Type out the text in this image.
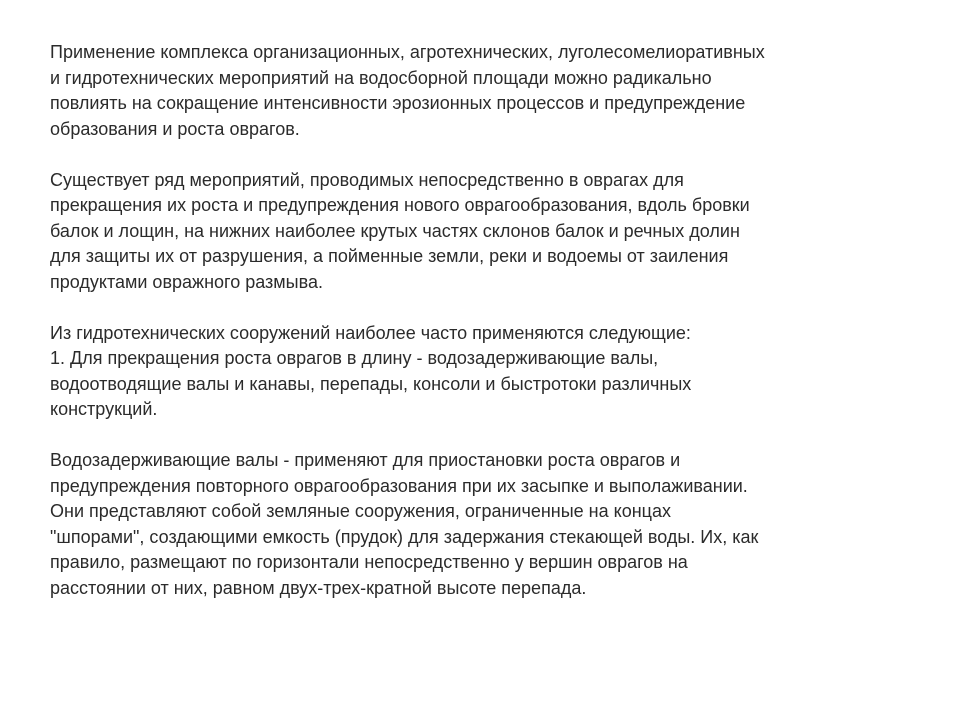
Применение комплекса организационных, агротехнических, луголесомелиоративных
и гидротехнических мероприятий на водосборной площади можно радикально
повлиять на сокращение интенсивности эрозионных процессов и предупреждение
образования и роста оврагов.

Существует ряд мероприятий, проводимых непосредственно в оврагах для
прекращения их роста и предупреждения нового оврагообразования, вдоль бровки
балок и лощин, на нижних наиболее крутых частях склонов балок и речных долин
для защиты их от разрушения, а пойменные земли, реки и водоемы от заиления
продуктами овражного размыва.

Из гидротехнических сооружений наиболее часто применяются следующие:
1. Для прекращения роста оврагов в длину - водозадерживающие валы,
водоотводящие валы и канавы, перепады, консоли и быстротоки различных
конструкций.

Водозадерживающие валы - применяют для приостановки роста оврагов и
предупреждения повторного оврагообразования при их засыпке и выполаживании.
Они представляют собой земляные сооружения, ограниченные на концах
"шпорами", создающими емкость (прудок) для задержания стекающей воды. Их, как
правило, размещают по горизонтали непосредственно у вершин оврагов на
расстоянии от них, равном двух-трех-кратной высоте перепада.
